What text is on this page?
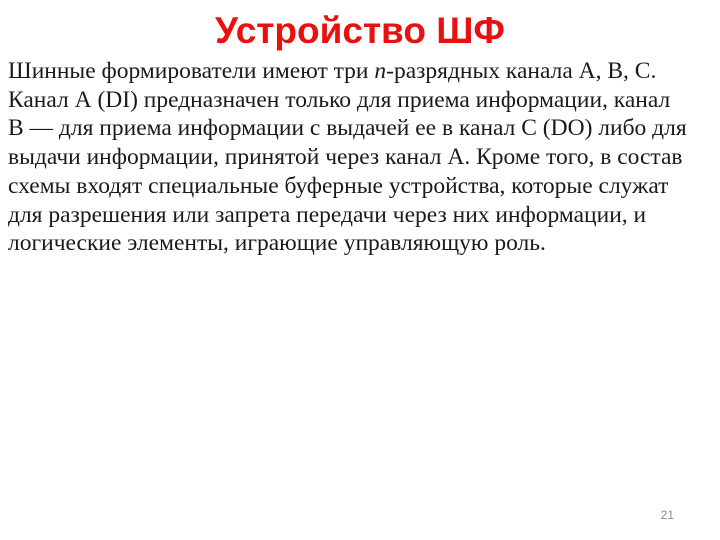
Устройство ШФ
Шинные формирователи имеют три n-разрядных канала A, B, C.
Канал А (DI) предназначен только для приема информации, канал
B — для приема информации с выдачей ее в канал С (DO) либо для
выдачи информации, принятой через канал А. Кроме того, в состав
схемы входят специальные буферные устройства, которые служат
для разрешения или запрета передачи через них информации, и
логические элементы, играющие управляющую роль.
21
